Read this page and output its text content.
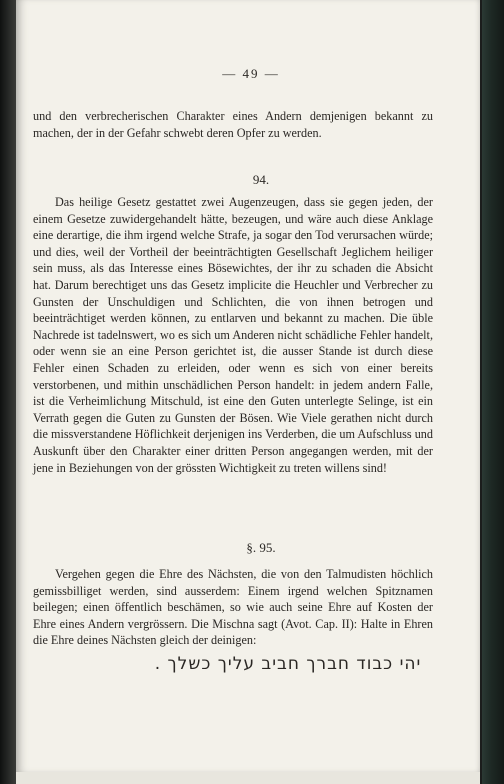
— 49 —

und den verbrecherischen Charakter eines Andern demjenigen bekannt zu machen, der in der Gefahr schwebt deren Opfer zu werden.

94.

Das heilige Gesetz gestattet zwei Augenzeugen, dass sie gegen jeden, der einem Gesetze zuwidergehandelt hätte, bezeugen, und wäre auch diese Anklage eine derartige, die ihm irgend welche Strafe, ja sogar den Tod verursachen würde; und dies, weil der Vortheil der beeinträchtigten Gesellschaft Jeglichem heiliger sein muss, als das Interesse eines Bösewichtes, der ihr zu schaden die Absicht hat. Darum berechtiget uns das Gesetz implicite die Heuchler und Verbrecher zu Gunsten der Unschuldigen und Schlichten, die von ihnen betrogen und beeinträchtiget werden können, zu entlarven und bekannt zu machen. Die üble Nachrede ist tadelnswert, wo es sich um Anderen nicht schädliche Fehler handelt, oder wenn sie an eine Person gerichtet ist, die ausser Stande ist durch diese Fehler einen Schaden zu erleiden, oder wenn es sich von einer bereits verstorbenen, und mithin unschädlichen Person handelt: in jedem andern Falle, ist die Verheimlichung Mitschuld, ist eine den Guten unterlegte Selinge, ist ein Verrath gegen die Guten zu Gunsten der Bösen. Wie Viele gerathen nicht durch die missverstandene Höflichkeit derjenigen ins Verderben, die um Aufschluss und Auskunft über den Charakter einer dritten Person angegangen werden, mit der jene in Beziehungen von der grössten Wichtigkeit zu treten willens sind!

§. 95.

Vergehen gegen die Ehre des Nächsten, die von den Talmudisten höchlich gemissbilliget werden, sind ausserdem: Einem irgend welchen Spitznamen beilegen; einen öffentlich beschämen, so wie auch seine Ehre auf Kosten der Ehre eines Andern vergrössern. Die Mischna sagt (Avot. Cap. II): Halte in Ehren die Ehre deines Nächsten gleich der deinigen:

יהי כבוד חברך חביב עליך כשלך .
